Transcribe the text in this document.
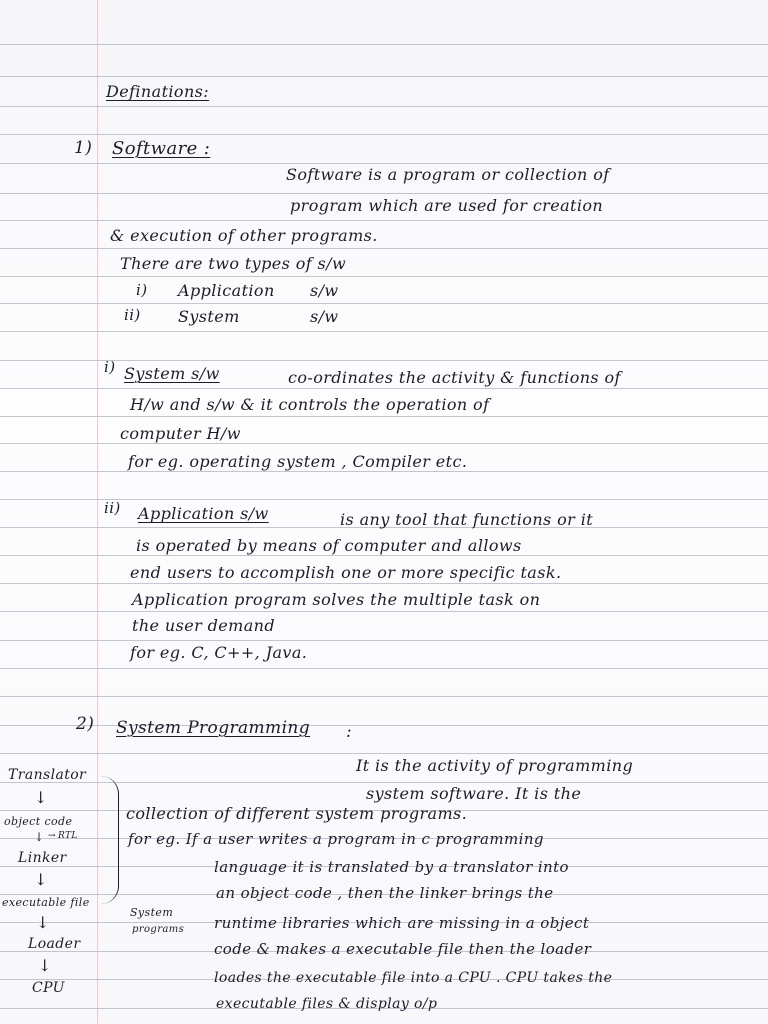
Definations:
1) Software :
Software is a program or collection of
program which are used for creation
& execution of other programs.
There are two types of s/w
i) Application s/w
ii) System	s/w
i) System s/w	co-ordinates the activity & functions of
H/w and s/w & it controls the operation of
computer H/w
for eg. operating system , Compiler etc.
ii) Application s/w	is any tool that functions or it
is operated by means of computer and allows
end users to accomplish one or more specific task.
Application program solves the multiple task on
the user demand
for eg. C, C++, Java.
2) System Programming :
It is the activity of programming
system software. It is the
collection of different system programs.
for eg. If a user writes a program in c programming
language it is translated by a translator into
an object code , then the linker brings the
runtime libraries which are missing in a object
code & makes a executable file then the loader
loades the executable file into a CPU . CPU takes the
executable files & display o/p
Translator
↓
object code
↓ → RTL
Linker
↓
executable file
↓
Loader
↓
CPU
System
programs
